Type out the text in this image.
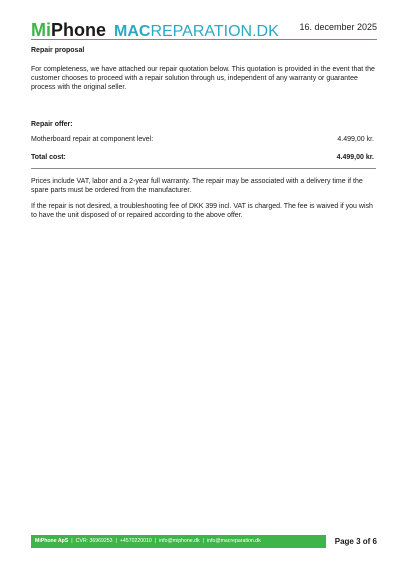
MiPhone MACREPARATION.DK 16. december 2025

Repair proposal

For completeness, we have attached our repair quotation below. This quotation is provided in the event that the customer chooses to proceed with a repair solution through us, independent of any warranty or guarantee process with the original seller.

Repair offer:

Motherboard repair at component level:	4.499,00 kr.
Total cost:	4.499,00 kr.

Prices include VAT, labor and a 2-year full warranty. The repair may be associated with a delivery time if the spare parts must be ordered from the manufacturer.

If the repair is not desired, a troubleshooting fee of DKK 399 incl. VAT is charged. The fee is waived if you wish to have the unit disposed of or repaired according to the above offer.

MiPhone ApS | CVR: 36969253 | +4570220010 | info@miphone.dk | info@macreparation.dk	Page 3 of 6
